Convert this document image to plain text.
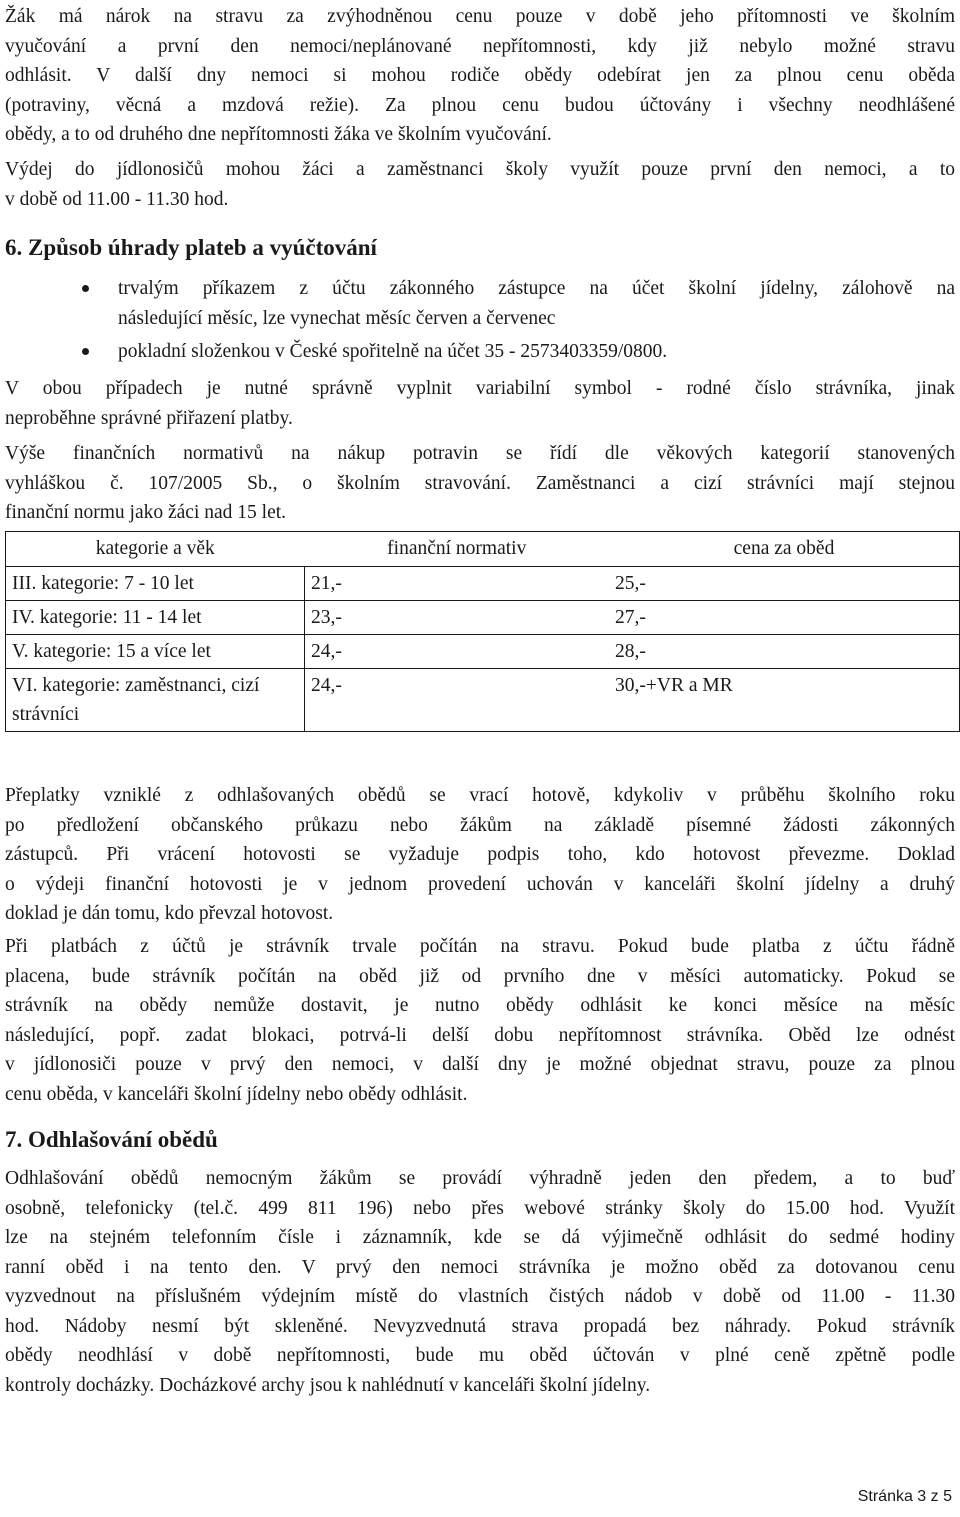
Žák má nárok na stravu za zvýhodněnou cenu pouze v době jeho přítomnosti ve školním
vyučování a první den nemoci/neplánované nepřítomnosti, kdy již nebylo možné stravu
odhlásit. V další dny nemoci si mohou rodiče obědy odebírat jen za plnou cenu oběda
(potraviny, věcná a mzdová režie). Za plnou cenu budou účtovány i všechny neodhlášené
obědy, a to od druhého dne nepřítomnosti žáka ve školním vyučování.
Výdej do jídlonosičů mohou žáci a zaměstnanci školy využít pouze první den nemoci, a to
v době od 11.00 - 11.30 hod.
6. Způsob úhrady plateb a vyúčtování
trvalým příkazem z účtu zákonného zástupce na účet školní jídelny, zálohově na
následující měsíc, lze vynechat měsíc červen a červenec
pokladní složenkou v České spořitelně na účet 35 - 2573403359/0800.
V obou případech je nutné správně vyplnit variabilní symbol - rodné číslo strávníka, jinak
neproběhne správné přiřazení platby.
Výše finančních normativů na nákup potravin se řídí dle věkových kategorií stanovených
vyhláškou č. 107/2005 Sb., o školním stravování. Zaměstnanci a cizí strávníci mají stejnou
finanční normu jako žáci nad 15 let.
kategorie a věk	finanční normativ	cena za oběd
III. kategorie: 7 - 10 let	21,-	25,-
IV. kategorie: 11 - 14 let	23,-	27,-
V. kategorie: 15 a více let	24,-	28,-
VI. kategorie: zaměstnanci, cizí strávníci	24,-	30,-+VR a MR
Přeplatky vzniklé z odhlašovaných obědů se vrací hotově, kdykoliv v průběhu školního roku
po předložení občanského průkazu nebo žákům na základě písemné žádosti zákonných
zástupců. Při vrácení hotovosti se vyžaduje podpis toho, kdo hotovost převezme. Doklad
o výdeji finanční hotovosti je v jednom provedení uchován v kanceláři školní jídelny a druhý
doklad je dán tomu, kdo převzal hotovost.
Při platbách z účtů je strávník trvale počítán na stravu. Pokud bude platba z účtu řádně
placena, bude strávník počítán na oběd již od prvního dne v měsíci automaticky. Pokud se
strávník na obědy nemůže dostavit, je nutno obědy odhlásit ke konci měsíce na měsíc
následující, popř. zadat blokaci, potrvá-li delší dobu nepřítomnost strávníka. Oběd lze odnést
v jídlonosiči pouze v prvý den nemoci, v další dny je možné objednat stravu, pouze za plnou
cenu oběda, v kanceláři školní jídelny nebo obědy odhlásit.
7. Odhlašování obědů
Odhlašování obědů nemocným žákům se provádí výhradně jeden den předem, a to buď
osobně, telefonicky (tel.č. 499 811 196) nebo přes webové stránky školy do 15.00 hod. Využít
lze na stejném telefonním čísle i záznamník, kde se dá výjimečně odhlásit do sedmé hodiny
ranní oběd i na tento den. V prvý den nemoci strávníka je možno oběd za dotovanou cenu
vyzvednout na příslušném výdejním místě do vlastních čistých nádob v době od 11.00 - 11.30
hod. Nádoby nesmí být skleněné. Nevyzvednutá strava propadá bez náhrady. Pokud strávník
obědy neodhlásí v době nepřítomnosti, bude mu oběd účtován v plné ceně zpětně podle
kontroly docházky. Docházkové archy jsou k nahlédnutí v kanceláři školní jídelny.
Stránka 3 z 5
